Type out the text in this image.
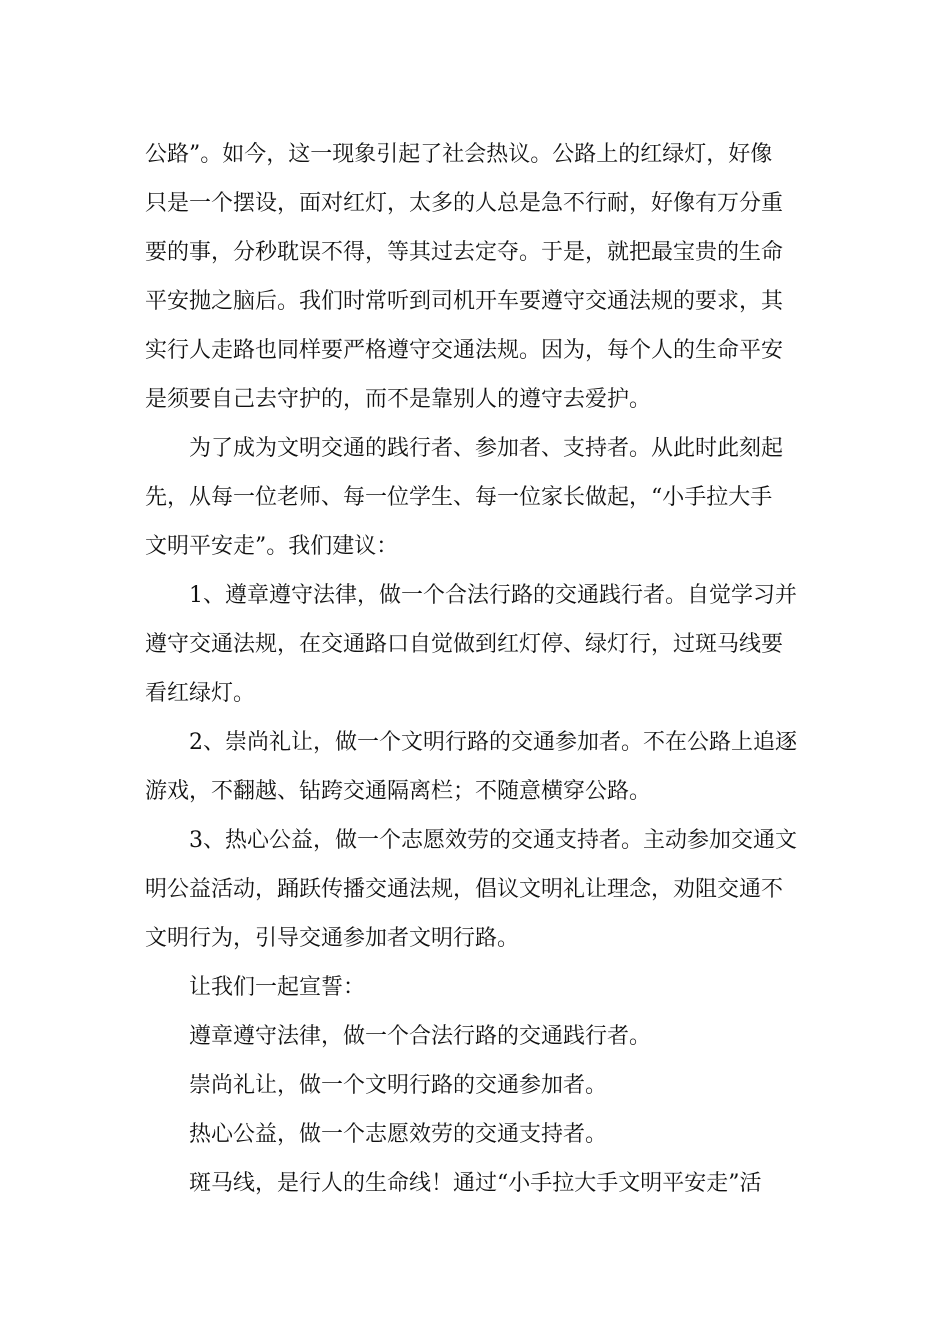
公路”。如今，这一现象引起了社会热议。公路上的红绿灯，好像
只是一个摆设，面对红灯，太多的人总是急不行耐，好像有万分重
要的事，分秒耽误不得，等其过去定夺。于是，就把最宝贵的生命
平安抛之脑后。我们时常听到司机开车要遵守交通法规的要求，其
实行人走路也同样要严格遵守交通法规。因为，每个人的生命平安
是须要自己去守护的，而不是靠别人的遵守去爱护。
为了成为文明交通的践行者、参加者、支持者。从此时此刻起
先，从每一位老师、每一位学生、每一位家长做起，“小手拉大手
文明平安走”。我们建议：
1、遵章遵守法律，做一个合法行路的交通践行者。自觉学习并
遵守交通法规，在交通路口自觉做到红灯停、绿灯行，过斑马线要
看红绿灯。
2、崇尚礼让，做一个文明行路的交通参加者。不在公路上追逐
游戏，不翻越、钻跨交通隔离栏；不随意横穿公路。
3、热心公益，做一个志愿效劳的交通支持者。主动参加交通文
明公益活动，踊跃传播交通法规，倡议文明礼让理念，劝阻交通不
文明行为，引导交通参加者文明行路。
让我们一起宣誓：
遵章遵守法律，做一个合法行路的交通践行者。
崇尚礼让，做一个文明行路的交通参加者。
热心公益，做一个志愿效劳的交通支持者。
斑马线，是行人的生命线！通过“小手拉大手文明平安走”活
